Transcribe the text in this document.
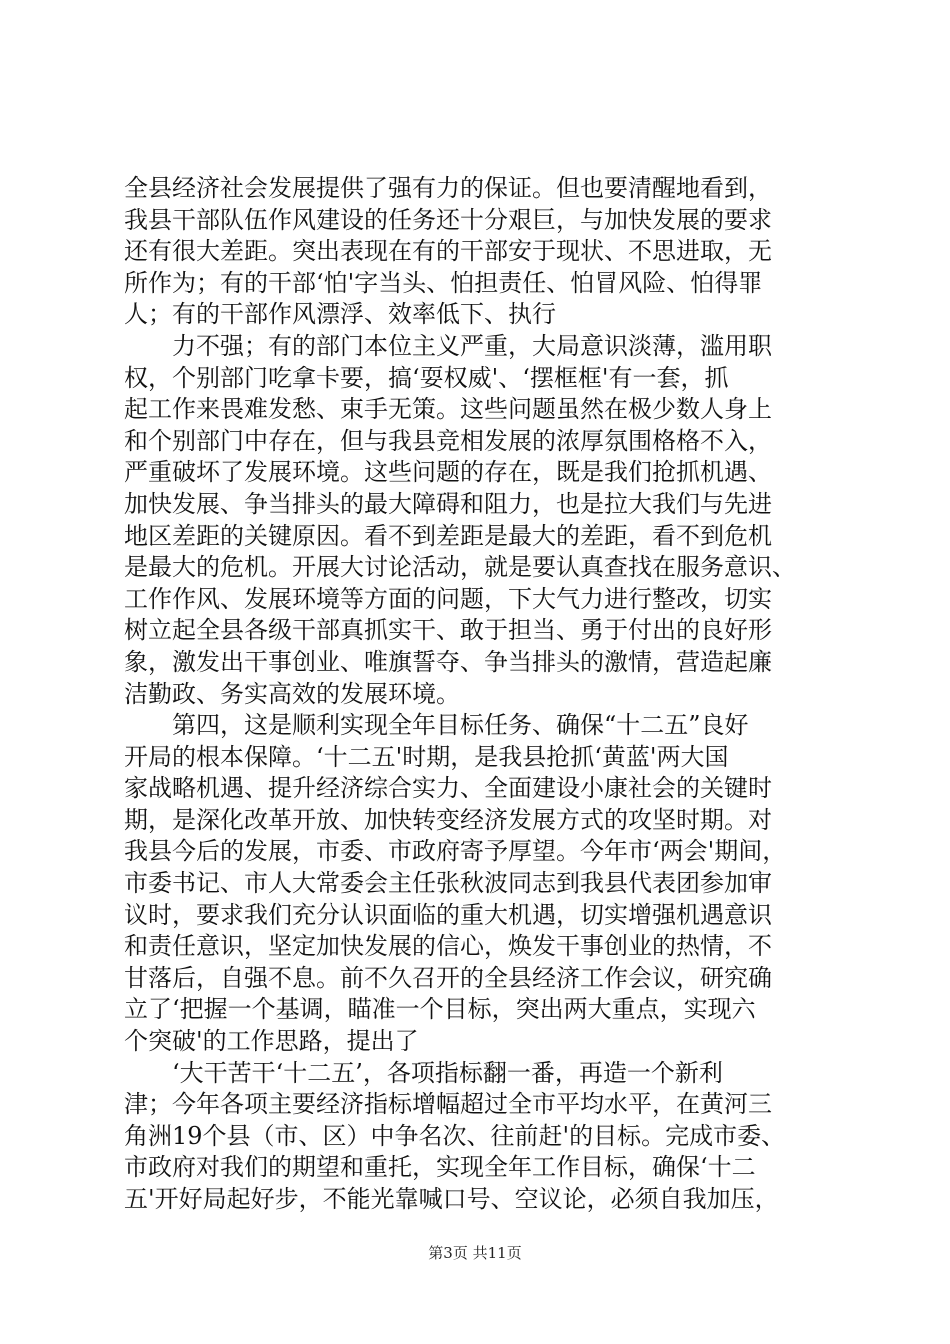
全县经济社会发展提供了强有力的保证。但也要清醒地看到，
我县干部队伍作风建设的任务还十分艰巨，与加快发展的要求
还有很大差距。突出表现在有的干部安于现状、不思进取，无
所作为；有的干部‘怕'字当头、怕担责任、怕冒风险、怕得罪
人；有的干部作风漂浮、效率低下、执行
　　力不强；有的部门本位主义严重，大局意识淡薄，滥用职
权，个别部门吃拿卡要，搞‘耍权威'、‘摆框框'有一套，抓
起工作来畏难发愁、束手无策。这些问题虽然在极少数人身上
和个别部门中存在，但与我县竞相发展的浓厚氛围格格不入，
严重破坏了发展环境。这些问题的存在，既是我们抢抓机遇、
加快发展、争当排头的最大障碍和阻力，也是拉大我们与先进
地区差距的关键原因。看不到差距是最大的差距，看不到危机
是最大的危机。开展大讨论活动，就是要认真查找在服务意识、
工作作风、发展环境等方面的问题，下大气力进行整改，切实
树立起全县各级干部真抓实干、敢于担当、勇于付出的良好形
象，激发出干事创业、唯旗誓夺、争当排头的激情，营造起廉
洁勤政、务实高效的发展环境。
　　第四，这是顺利实现全年目标任务、确保“十二五”良好
开局的根本保障。‘十二五'时期，是我县抢抓‘黄蓝'两大国
家战略机遇、提升经济综合实力、全面建设小康社会的关键时
期，是深化改革开放、加快转变经济发展方式的攻坚时期。对
我县今后的发展，市委、市政府寄予厚望。今年市‘两会'期间，
市委书记、市人大常委会主任张秋波同志到我县代表团参加审
议时，要求我们充分认识面临的重大机遇，切实增强机遇意识
和责任意识，坚定加快发展的信心，焕发干事创业的热情，不
甘落后，自强不息。前不久召开的全县经济工作会议，研究确
立了‘把握一个基调，瞄准一个目标，突出两大重点，实现六
个突破'的工作思路，提出了
　　‘大干苦干‘十二五’，各项指标翻一番，再造一个新利
津；今年各项主要经济指标增幅超过全市平均水平，在黄河三
角洲19个县（市、区）中争名次、往前赶'的目标。完成市委、
市政府对我们的期望和重托，实现全年工作目标，确保‘十二
五'开好局起好步，不能光靠喊口号、空议论，必须自我加压，
第3页 共11页
